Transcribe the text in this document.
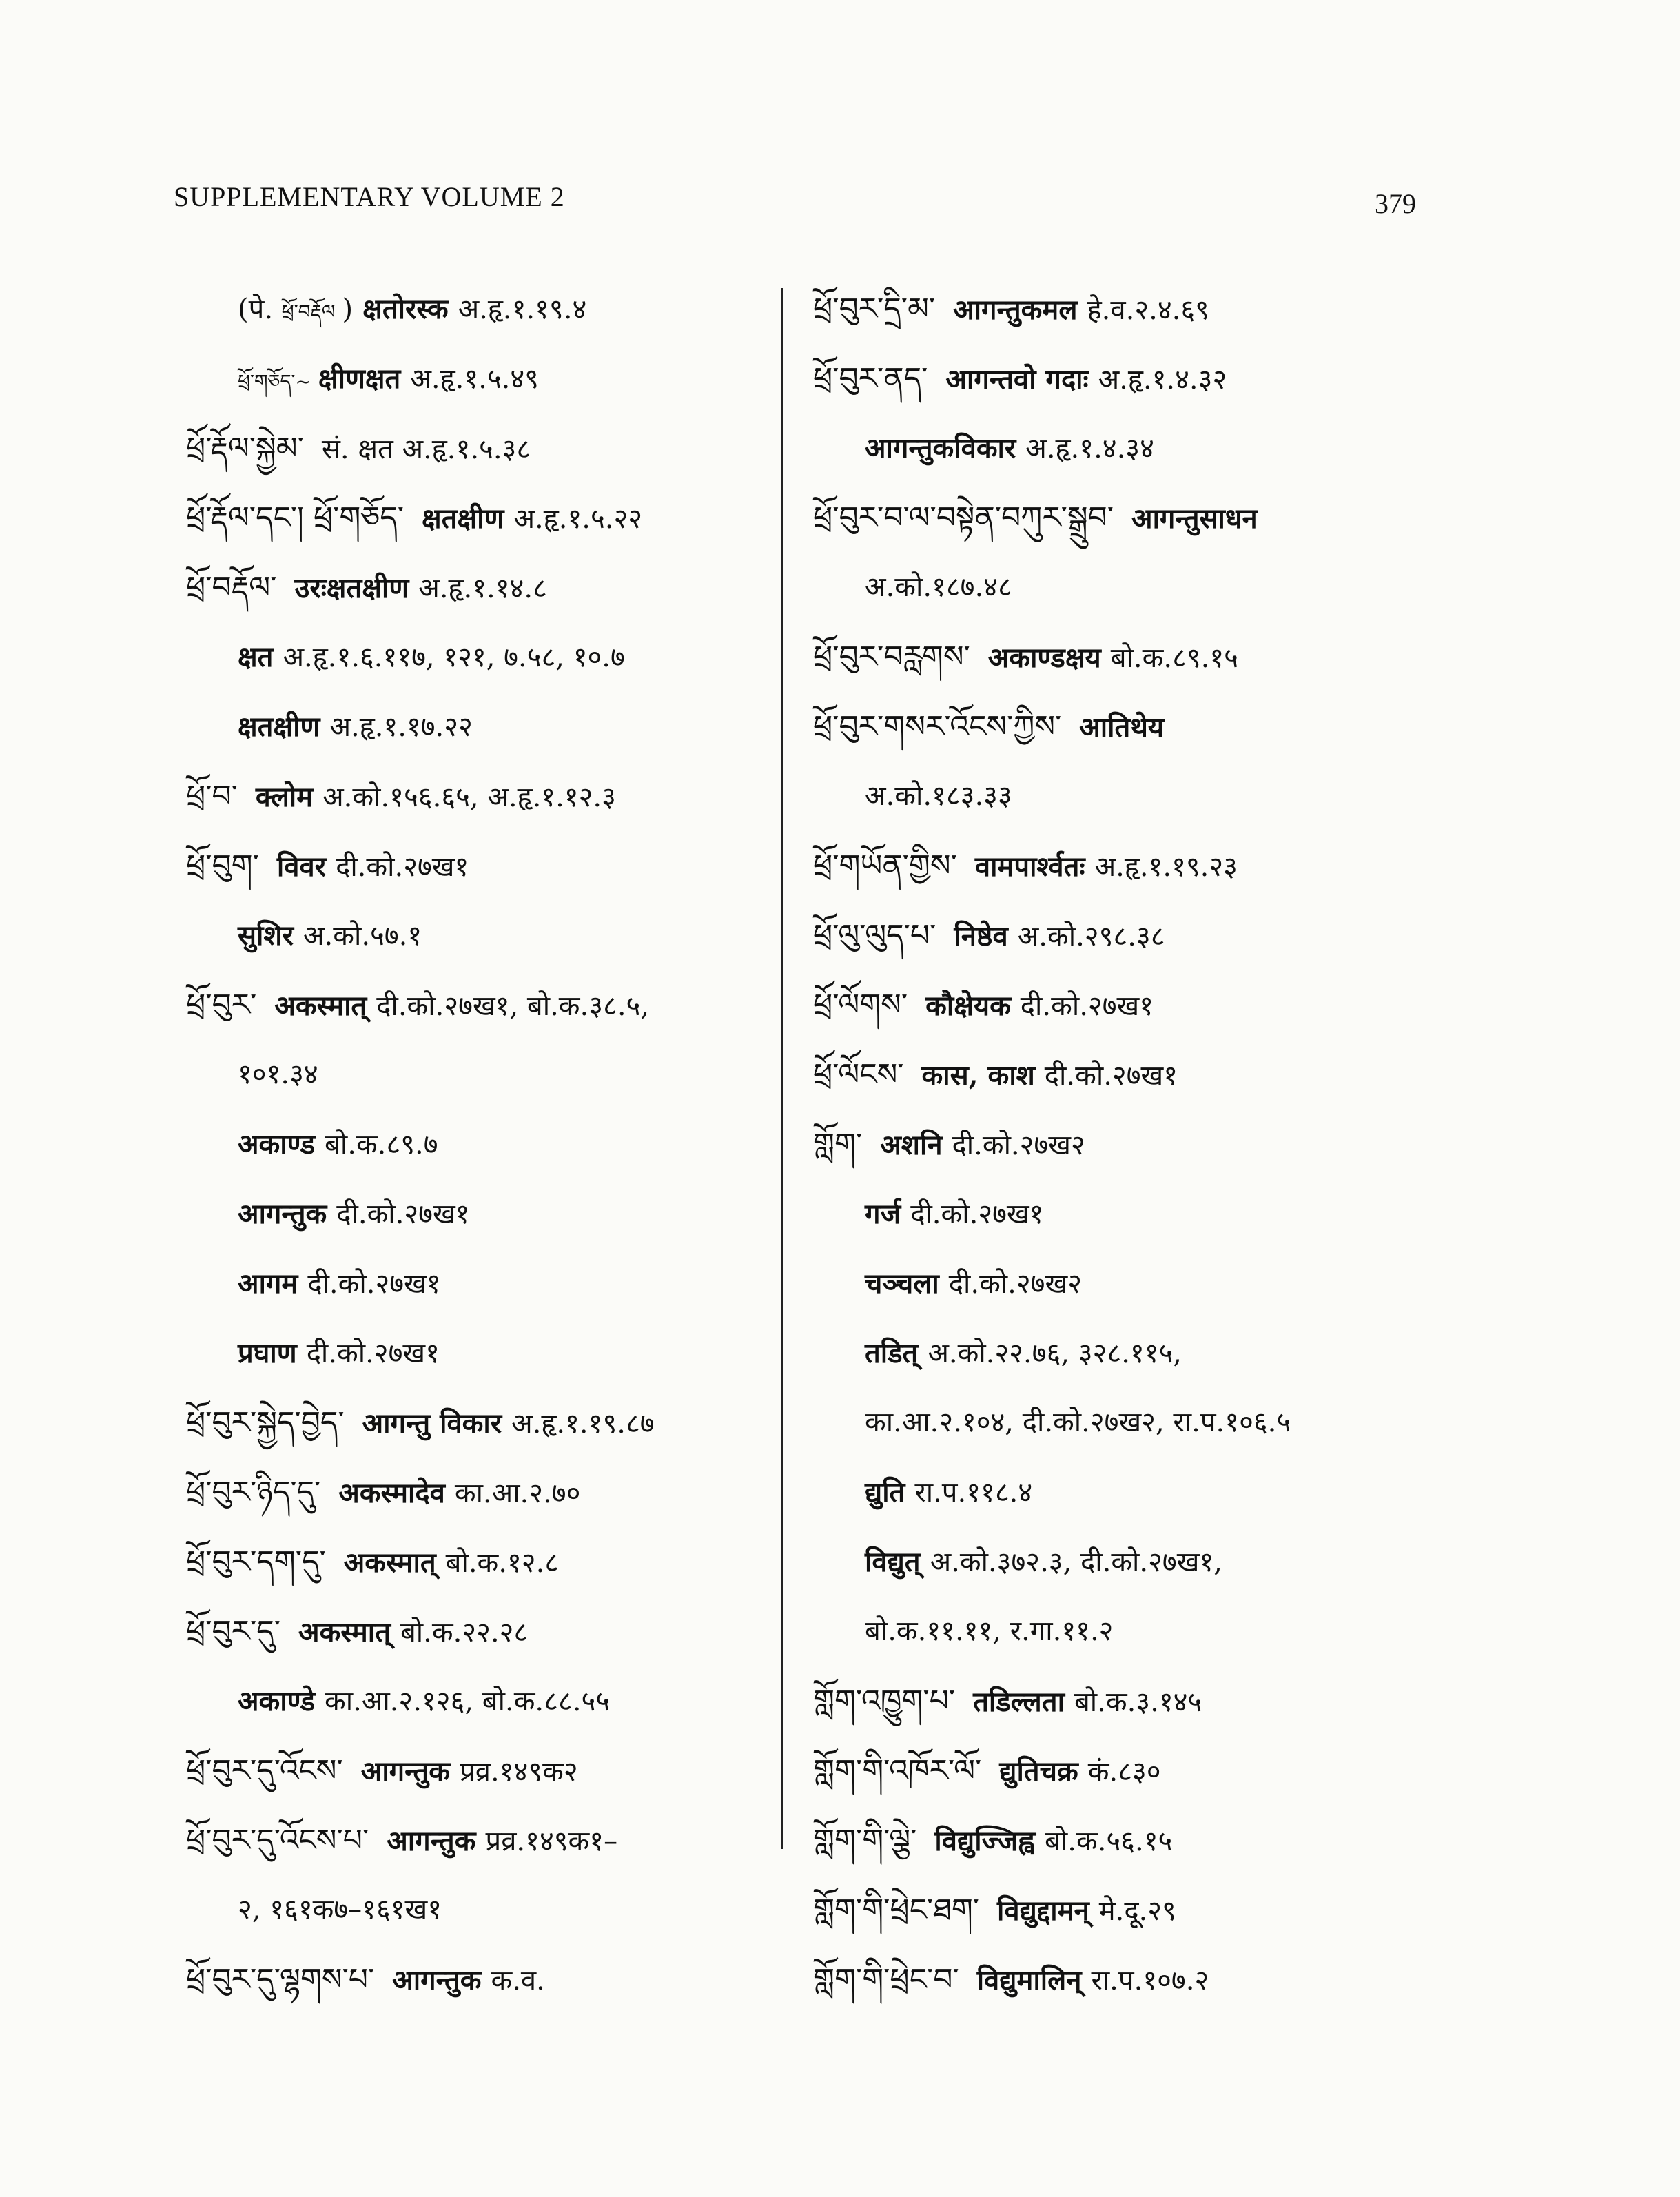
SUPPLEMENTARY VOLUME 2	379
(पे. ཕྲོ་བརྡོལ ) क्षतोरस्क अ.हृ.१.१९.४
ཕྲོ་གཅོད་~ क्षीणक्षत अ.हृ.१.५.४९
ཕྲོ་རྡོལ་སྐྱེམ་ सं. क्षत अ.हृ.१.५.३८
ཕྲོ་རྡོལ་དང་། ཕྲོ་གཅོད་ क्षतक्षीण अ.हृ.१.५.२२
ཕྲོ་བརྡོལ་ उरःक्षतक्षीण अ.हृ.१.१४.८
क्षत अ.हृ.१.६.११७, १२१, ७.५८, १०.७
क्षतक्षीण अ.हृ.१.१७.२२
ཕྲོ་བ་ क्लोम अ.को.१५६.६५, अ.हृ.१.१२.३
ཕྲོ་བུག་ विवर दी.को.२७ख१
सुशिर अ.को.५७.१
ཕྲོ་བུར་ अकस्मात् दी.को.२७ख१, बो.क.३८.५,
१०१.३४
अकाण्ड बो.क.८९.७
आगन्तुक दी.को.२७ख१
आगम दी.को.२७ख१
प्रघाण दी.को.२७ख१
ཕྲོ་བུར་སྐྱེད་བྱེད་ आगन्तु विकार अ.हृ.१.१९.८७
ཕྲོ་བུར་ཉིད་དུ་ अकस्मादेव का.आ.२.७०
ཕྲོ་བུར་དག་དུ་ अकस्मात् बो.क.१२.८
ཕྲོ་བུར་དུ་ अकस्मात् बो.क.२२.२८
अकाण्डे का.आ.२.१२६, बो.क.८८.५५
ཕྲོ་བུར་དུ་འོངས་ आगन्तुक प्रव्र.१४९क२
ཕྲོ་བུར་དུ་འོངས་པ་ आगन्तुक प्रव्र.१४९क१–
२, १६१क७–१६१ख१
ཕྲོ་བུར་དུ་ལྷགས་པ་ आगन्तुक क.व.
ཕྲོ་བུར་དྲི་མ་ आगन्तुकमल हे.व.२.४.६९
ཕྲོ་བུར་ནད་ आगन्तवो गदाः अ.हृ.१.४.३२
आगन्तुकविकार अ.हृ.१.४.३४
ཕྲོ་བུར་བ་ལ་བསྟེན་བཀུར་སྒྲུབ་ आगन्तुसाधन
अ.को.१८७.४८
ཕྲོ་བུར་བརླགས་ अकाण्डक्षय बो.क.८९.१५
ཕྲོ་བུར་གསར་འོངས་ཀྱིས་ आतिथेय
अ.को.१८३.३३
ཕྲོ་གཡོན་གྱིས་ वामपार्श्वतः अ.हृ.१.१९.२३
ཕྲོ་ལུ་ལུད་པ་ निष्ठेव अ.को.२९८.३८
ཕྲོ་ལོགས་ कौक्षेयक दी.को.२७ख१
ཕྲོ་ལོངས་ कास, काश दी.को.२७ख१
གློག་ अशनि दी.को.२७ख२
गर्ज दी.को.२७ख१
चञ्चला दी.को.२७ख२
तडित् अ.को.२२.७६, ३२८.११५,
का.आ.२.१०४, दी.को.२७ख२, रा.प.१०६.५
द्युति रा.प.११८.४
विद्युत् अ.को.३७२.३, दी.को.२७ख१,
बो.क.११.११, र.गा.११.२
གློག་འཁྱུག་པ་ तडिल्लता बो.क.३.१४५
གློག་གི་འཁོར་ལོ་ द्युतिचक्र कं.८३०
གློག་གི་ལྕེ་ विद्युज्जिह्व बो.क.५६.१५
གློག་གི་ཕྲེང་ཐག་ विद्युद्दामन् मे.दू.२९
གློག་གི་ཕྲེང་བ་ विद्युमालिन् रा.प.१०७.२
